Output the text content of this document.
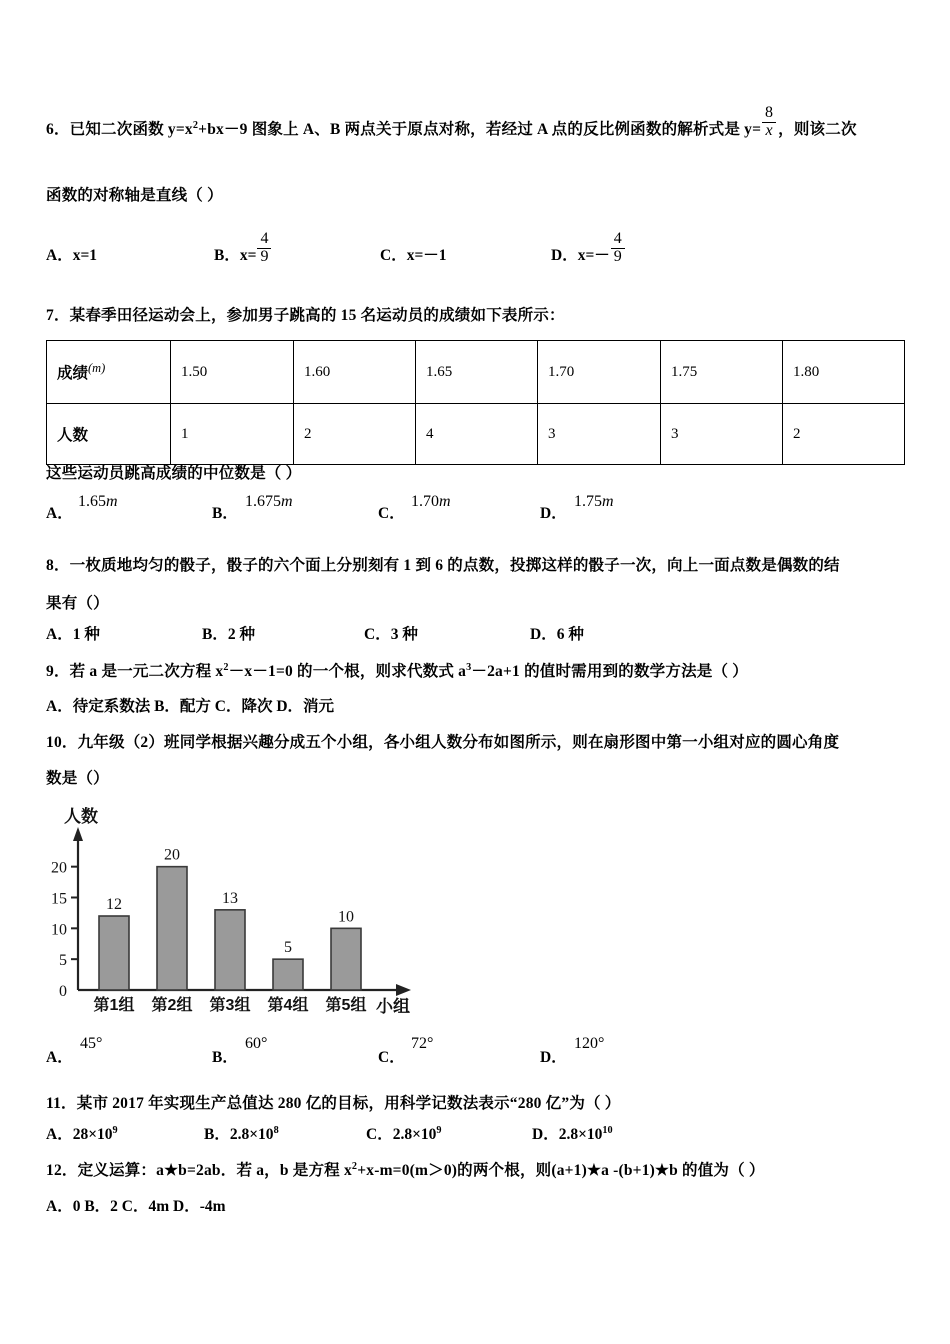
6．已知二次函数 $y=x^2+bx-9$ 图象上 A、B 两点关于原点对称，若经过 A 点的反比例函数的解析式是 y=
$\frac{8}{x}$
，则该二次
函数的对称轴是直线（ ）
A．x=1	B．x=
$\frac{4}{9}$
C．x=－1	D．x=－
$\frac{4}{9}$
7．某春季田径运动会上，参加男子跳高的 15 名运动员的成绩如下表所示：
成绩$^{(m)}$	1.50	1.60	1.65	1.70	1.75	1.80
人数	1	2	4	3	3	2
这些运动员跳高成绩的中位数是（ ）
A．
1.65m
B．
1.675m
C．
1.70m
D．
1.75m
8．一枚质地均匀的骰子，骰子的六个面上分别刻有 1 到 6 的点数，投掷这样的骰子一次，向上一面点数是偶数的结
果有（）
A．1 种	B．2 种	C．3 种	D．6 种
9．若 a 是一元二次方程 $x^2-x-1=0$ 的一个根，则求代数式 $a^3-2a+1$ 的值时需用到的数学方法是（ ）
A．待定系数法 B．配方 C．降次 D．消元
10．九年级（2）班同学根据兴趣分成五个小组，各小组人数分布如图所示，则在扇形图中第一小组对应的圆心角度
数是（）
人数
小组
0
5
10
15
20
12
20
13
5
10
第1组 第2组 第3组 第4组 第5组
A．
45°
B．
60°
C．
72°
D．
120°
11．某市 2017 年实现生产总值达 280 亿的目标，用科学记数法表示“280 亿”为（ ）
A．$28\times 10^9$	B．$2.8\times 10^8$	C．$2.8\times 10^9$	D．$2.8\times 10^{10}$
12．定义运算：a★b=2ab．若 a，b 是方程 $x^2+x-m=0(m>0)$的两个根，则(a+1)★a -(b+1)★b 的值为（ ）
A．0 B．2 C．4m D．-4m
